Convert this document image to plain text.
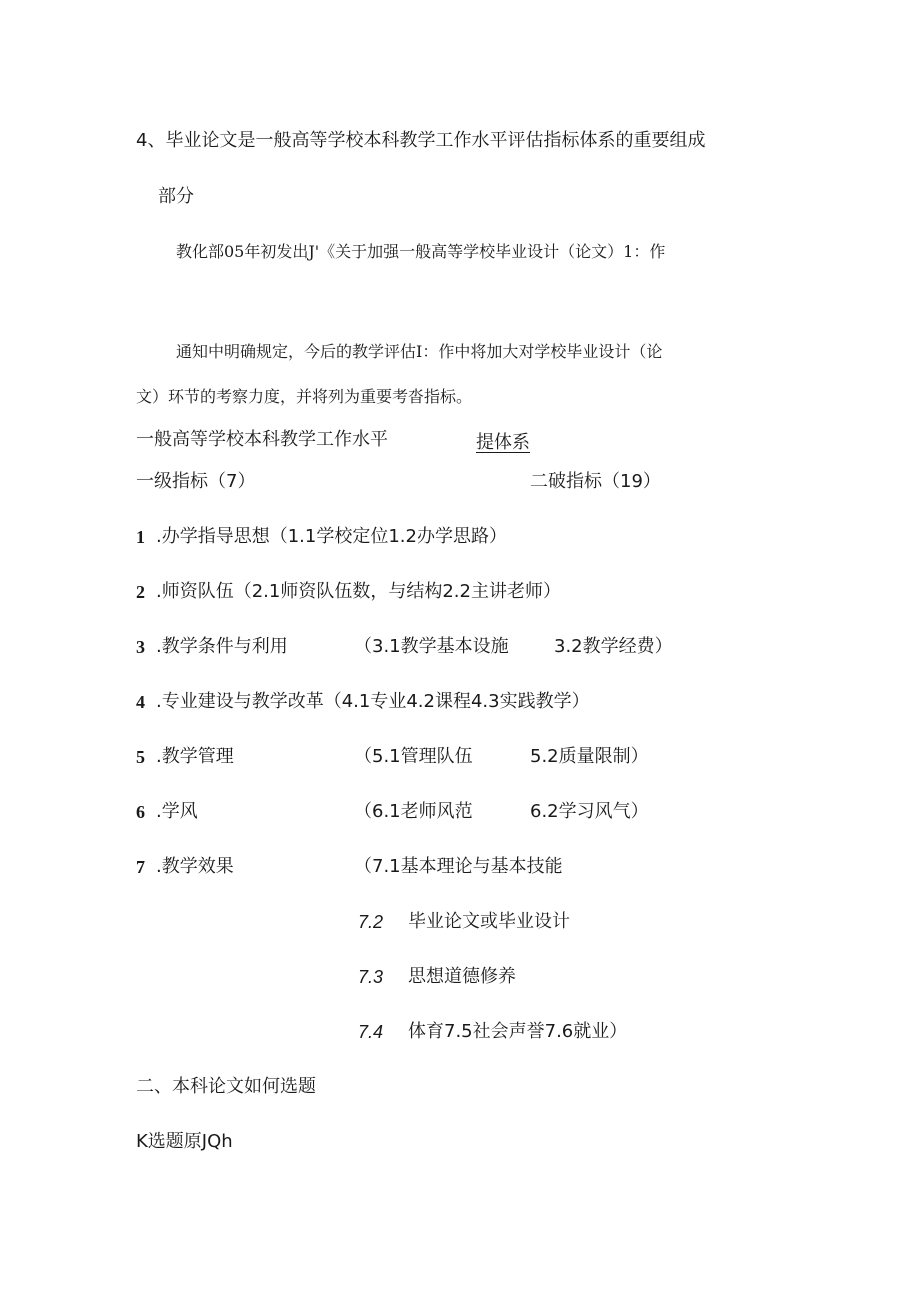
4、毕业论文是一般高等学校本科教学工作水平评估指标体系的重要组成
部分
教化部05年初发出J'《关于加强一般高等学校毕业设计（论文）1：作
通知中明确规定，今后的教学评估I：作中将加大对学校毕业设计（论
文）环节的考察力度，并将列为重要考沓指标。
一般高等学校本科教学工作水平	提体系
一级指标（7）	二破指标（19）
1 .办学指导思想（1.1学校定位1.2办学思路）
2 .师资队伍（2.1师资队伍数，与结构2.2主讲老师）
3 .教学条件与利用	（3.1教学基本设施	3.2教学经费）
4 .专业建设与教学改革（4.1专业4.2课程4.3实践教学）
5 .教学管理	（5.1管理队伍	5.2质量限制）
6 .学风	（6.1老师风范	6.2学习风气）
7 .教学效果	（7.1基本理论与基本技能
7.2 毕业论文或毕业设计
7.3 思想道德修养
7.4 体育7.5社会声誉7.6就业）
二、本科论文如何选题
K选题原JQh
